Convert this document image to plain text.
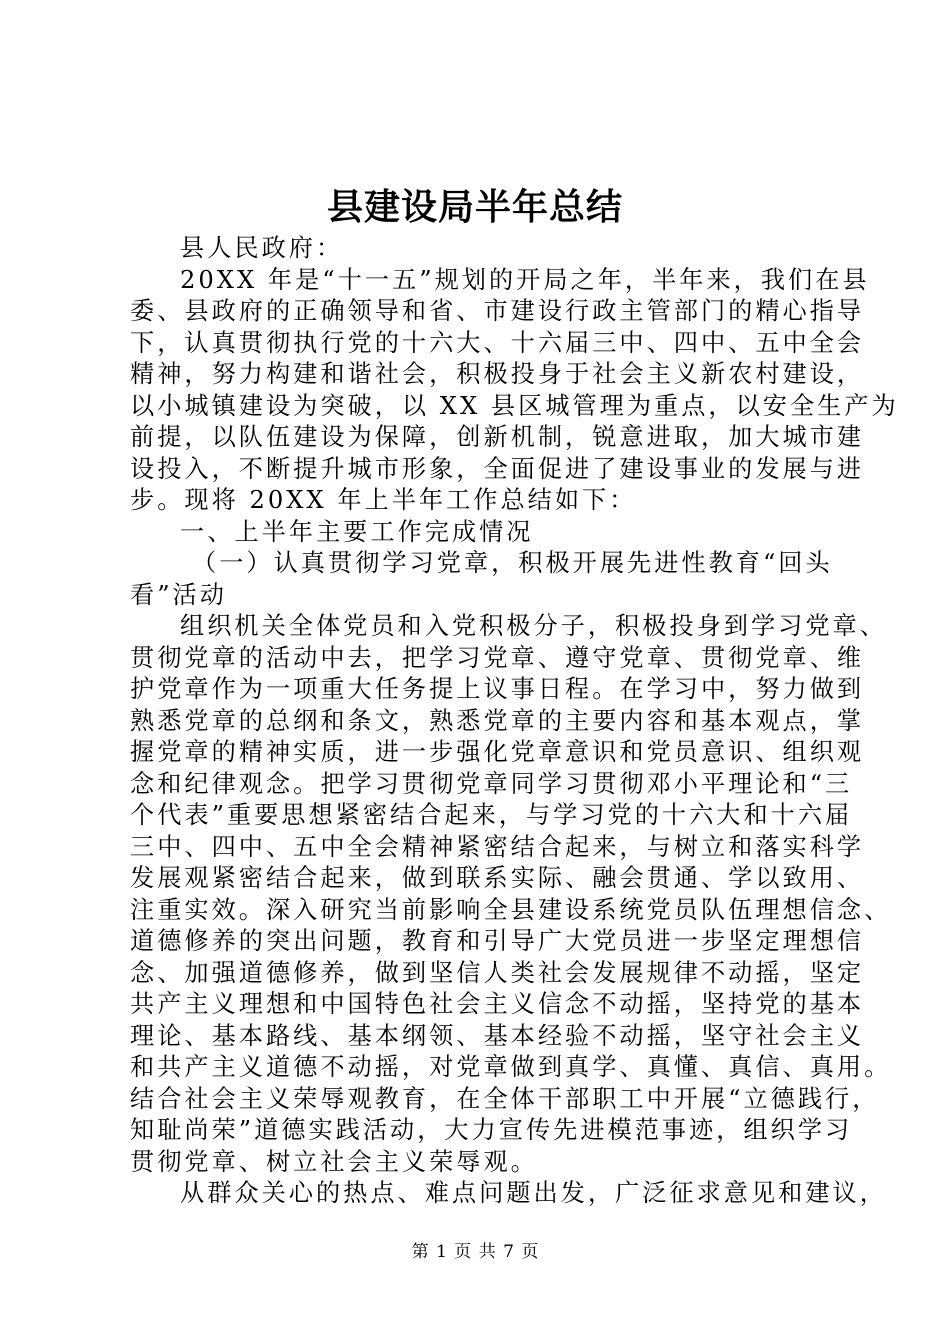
县建设局半年总结
县人民政府：
20XX 年是“十一五”规划的开局之年，半年来，我们在县
委、县政府的正确领导和省、市建设行政主管部门的精心指导
下，认真贯彻执行党的十六大、十六届三中、四中、五中全会
精神，努力构建和谐社会，积极投身于社会主义新农村建设，
以小城镇建设为突破，以 XX 县区城管理为重点，以安全生产为
前提，以队伍建设为保障，创新机制，锐意进取，加大城市建
设投入，不断提升城市形象，全面促进了建设事业的发展与进
步。现将 20XX 年上半年工作总结如下：
一、上半年主要工作完成情况
（一）认真贯彻学习党章，积极开展先进性教育“回头
看”活动
组织机关全体党员和入党积极分子，积极投身到学习党章、
贯彻党章的活动中去，把学习党章、遵守党章、贯彻党章、维
护党章作为一项重大任务提上议事日程。在学习中，努力做到
熟悉党章的总纲和条文，熟悉党章的主要内容和基本观点，掌
握党章的精神实质，进一步强化党章意识和党员意识、组织观
念和纪律观念。把学习贯彻党章同学习贯彻邓小平理论和“三
个代表”重要思想紧密结合起来，与学习党的十六大和十六届
三中、四中、五中全会精神紧密结合起来，与树立和落实科学
发展观紧密结合起来，做到联系实际、融会贯通、学以致用、
注重实效。深入研究当前影响全县建设系统党员队伍理想信念、
道德修养的突出问题，教育和引导广大党员进一步坚定理想信
念、加强道德修养，做到坚信人类社会发展规律不动摇，坚定
共产主义理想和中国特色社会主义信念不动摇，坚持党的基本
理论、基本路线、基本纲领、基本经验不动摇，坚守社会主义
和共产主义道德不动摇，对党章做到真学、真懂、真信、真用。
结合社会主义荣辱观教育，在全体干部职工中开展“立德践行，
知耻尚荣”道德实践活动，大力宣传先进模范事迹，组织学习
贯彻党章、树立社会主义荣辱观。
从群众关心的热点、难点问题出发，广泛征求意见和建议，
第 1 页 共 7 页
